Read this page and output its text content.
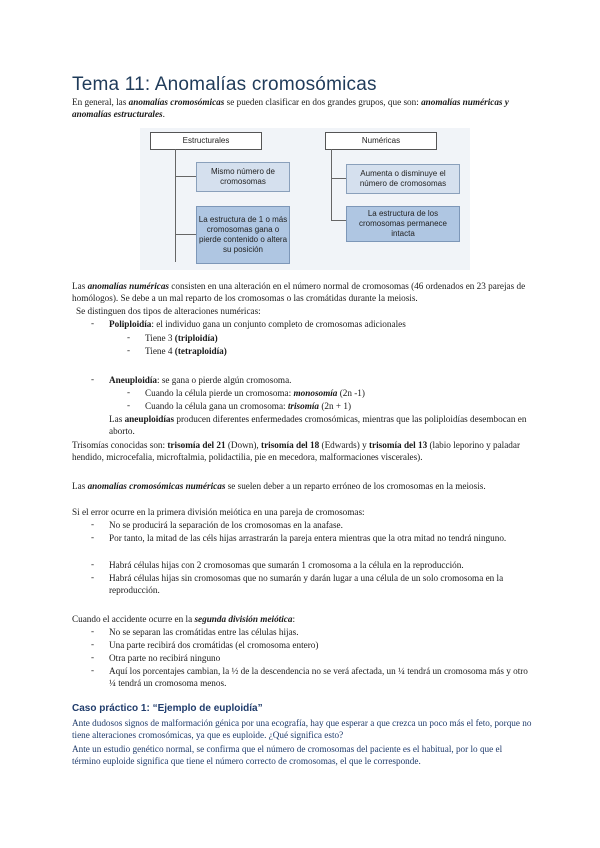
Tema 11: Anomalías cromosómicas

En general, las anomalías cromosómicas se pueden clasificar en dos grandes grupos, que son: anomalías numéricas y anomalías estructurales.

Estructurales	Numéricas
Mismo número de cromosomas
La estructura de 1 o más cromosomas gana o pierde contenido o altera su posición
Aumenta o disminuye el número de cromosomas
La estructura de los cromosomas permanece intacta

Las anomalías numéricas consisten en una alteración en el número normal de cromosomas (46 ordenados en 23 parejas de homólogos). Se debe a un mal reparto de los cromosomas o las cromátidas durante la meiosis.

Se distinguen dos tipos de alteraciones numéricas:

- Poliploidía: el individuo gana un conjunto completo de cromosomas adicionales

- Tiene 3 (triploidía)

- Tiene 4 (tetraploidía)

- Aneuploidía: se gana o pierde algún cromosoma.

- Cuando la célula pierde un cromosoma: monosomía (2n -1)

- Cuando la célula gana un cromosoma: trisomía (2n + 1)

Las aneuploidías producen diferentes enfermedades cromosómicas, mientras que las poliploidías desembocan en aborto.

Trisomías conocidas son: trisomía del 21 (Down), trisomía del 18 (Edwards) y trisomía del 13 (labio leporino y paladar hendido, microcefalia, microftalmia, polidactilia, pie en mecedora, malformaciones viscerales).

Las anomalías cromosómicas numéricas se suelen deber a un reparto erróneo de los cromosomas en la meiosis.

Si el error ocurre en la primera división meiótica en una pareja de cromosomas:

- No se producirá la separación de los cromosomas en la anafase.

- Por tanto, la mitad de las céls hijas arrastrarán la pareja entera mientras que la otra mitad no tendrá ninguno.

- Habrá células hijas con 2 cromosomas que sumarán 1 cromosoma a la célula en la reproducción.

- Habrá células hijas sin cromosomas que no sumarán y darán lugar a una célula de un solo cromosoma en la reproducción.

Cuando el accidente ocurre en la segunda división meiótica:

- No se separan las cromátidas entre las células hijas.

- Una parte recibirá dos cromátidas (el cromosoma entero)

- Otra parte no recibirá ninguno

- Aquí los porcentajes cambian, la ½ de la descendencia no se verá afectada, un ¼ tendrá un cromosoma más y otro ¼ tendrá un cromosoma menos.

Caso práctico 1: “Ejemplo de euploidía”

Ante dudosos signos de malformación génica por una ecografía, hay que esperar a que crezca un poco más el feto, porque no tiene alteraciones cromosómicas, ya que es euploide. ¿Qué significa esto?

Ante un estudio genético normal, se confirma que el número de cromosomas del paciente es el habitual, por lo que el término euploide significa que tiene el número correcto de cromosomas, el que le corresponde.
